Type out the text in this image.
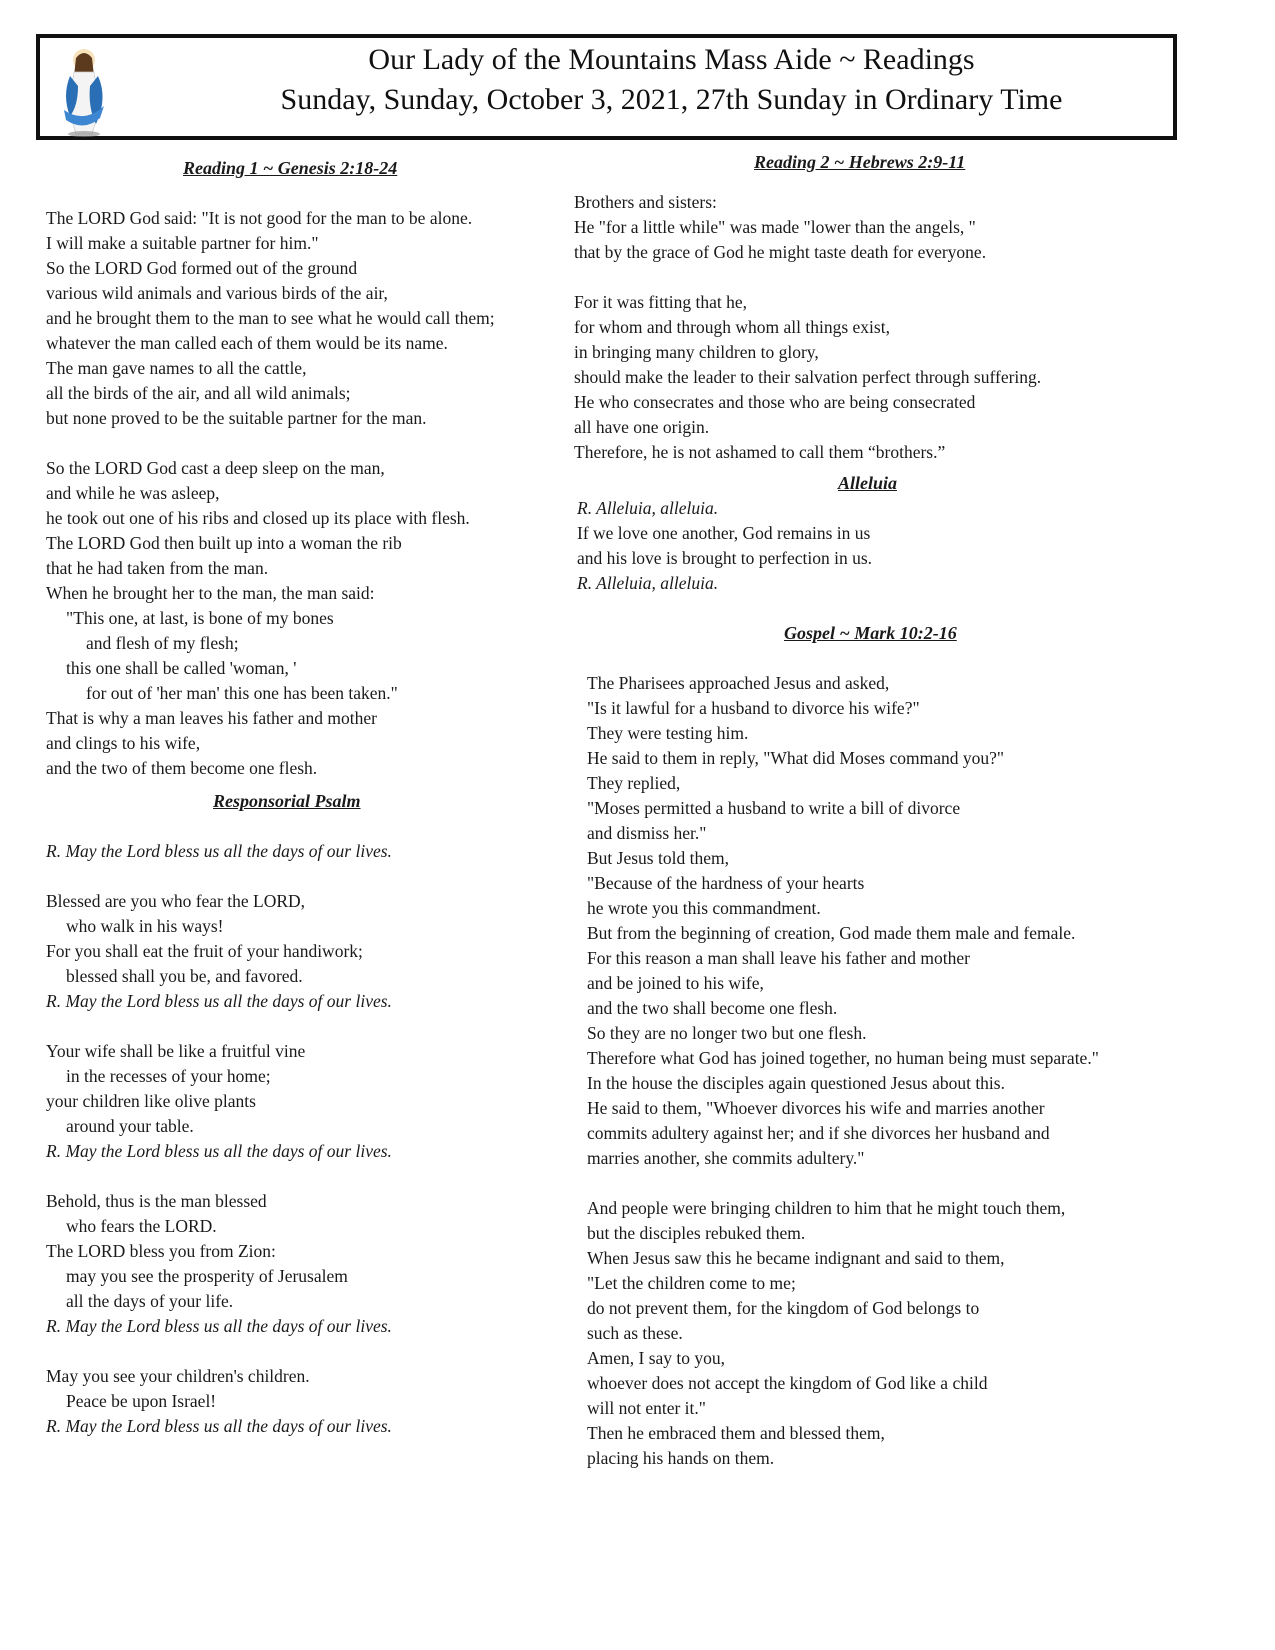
Our Lady of the Mountains Mass Aide ~ Readings
Sunday, Sunday, October 3, 2021, 27th Sunday in Ordinary Time
Reading 1 ~ Genesis 2:18-24
The LORD God said: "It is not good for the man to be alone.
I will make a suitable partner for him."
So the LORD God formed out of the ground
various wild animals and various birds of the air,
and he brought them to the man to see what he would call them;
whatever the man called each of them would be its name.
The man gave names to all the cattle,
all the birds of the air, and all wild animals;
but none proved to be the suitable partner for the man.
So the LORD God cast a deep sleep on the man,
and while he was asleep,
he took out one of his ribs and closed up its place with flesh.
The LORD God then built up into a woman the rib
that he had taken from the man.
When he brought her to the man, the man said:
"This one, at last, is bone of my bones
and flesh of my flesh;
this one shall be called 'woman, '
for out of 'her man' this one has been taken."
That is why a man leaves his father and mother
and clings to his wife,
and the two of them become one flesh.
Responsorial Psalm
R. May the Lord bless us all the days of our lives.
Blessed are you who fear the LORD,
who walk in his ways!
For you shall eat the fruit of your handiwork;
blessed shall you be, and favored.
R. May the Lord bless us all the days of our lives.
Your wife shall be like a fruitful vine
in the recesses of your home;
your children like olive plants
around your table.
R. May the Lord bless us all the days of our lives.
Behold, thus is the man blessed
who fears the LORD.
The LORD bless you from Zion:
may you see the prosperity of Jerusalem
all the days of your life.
R. May the Lord bless us all the days of our lives.
May you see your children's children.
Peace be upon Israel!
R. May the Lord bless us all the days of our lives.
Reading 2 ~ Hebrews 2:9-11
Brothers and sisters:
He "for a little while" was made "lower than the angels, "
that by the grace of God he might taste death for everyone.
For it was fitting that he,
for whom and through whom all things exist,
in bringing many children to glory,
should make the leader to their salvation perfect through suffering.
He who consecrates and those who are being consecrated
all have one origin.
Therefore, he is not ashamed to call them “brothers.”
Alleluia
R. Alleluia, alleluia.
If we love one another, God remains in us
and his love is brought to perfection in us.
R. Alleluia, alleluia.
Gospel ~ Mark 10:2-16
The Pharisees approached Jesus and asked,
"Is it lawful for a husband to divorce his wife?"
They were testing him.
He said to them in reply, "What did Moses command you?"
They replied,
"Moses permitted a husband to write a bill of divorce
and dismiss her."
But Jesus told them,
"Because of the hardness of your hearts
he wrote you this commandment.
But from the beginning of creation, God made them male and female.
For this reason a man shall leave his father and mother
and be joined to his wife,
and the two shall become one flesh.
So they are no longer two but one flesh.
Therefore what God has joined together, no human being must separate."
In the house the disciples again questioned Jesus about this.
He said to them, "Whoever divorces his wife and marries another
commits adultery against her; and if she divorces her husband and
marries another, she commits adultery."
And people were bringing children to him that he might touch them,
but the disciples rebuked them.
When Jesus saw this he became indignant and said to them,
"Let the children come to me;
do not prevent them, for the kingdom of God belongs to
such as these.
Amen, I say to you,
whoever does not accept the kingdom of God like a child
will not enter it."
Then he embraced them and blessed them,
placing his hands on them.
